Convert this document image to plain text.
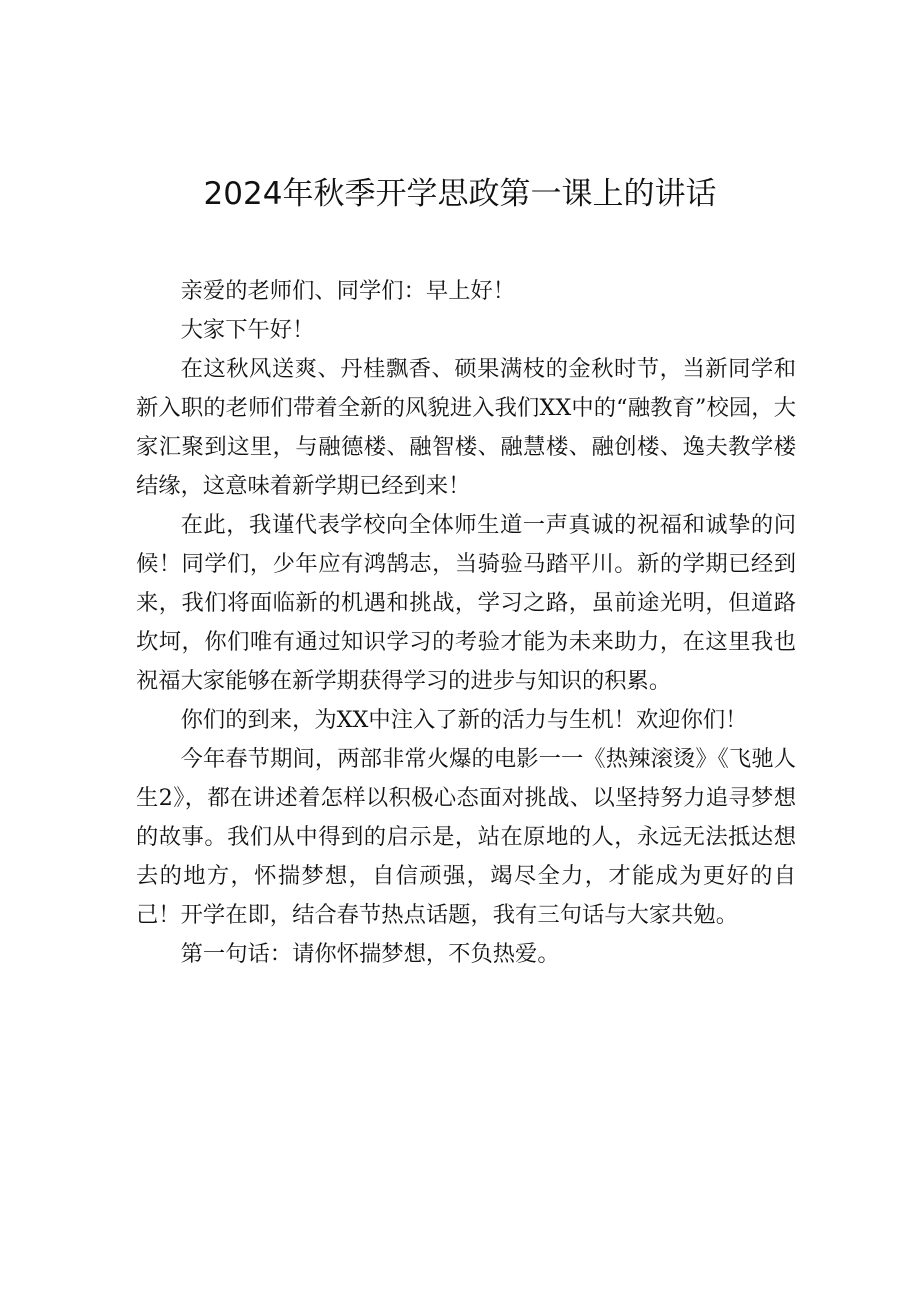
2024年秋季开学思政第一课上的讲话

亲爱的老师们、同学们：早上好！

大家下午好！

在这秋风送爽、丹桂飘香、硕果满枝的金秋时节，当新同学和新入职的老师们带着全新的风貌进入我们XX中的“融教育”校园，大家汇聚到这里，与融德楼、融智楼、融慧楼、融创楼、逸夫教学楼结缘，这意味着新学期已经到来！

在此，我谨代表学校向全体师生道一声真诚的祝福和诚挚的问候！同学们，少年应有鸿鹄志，当骑验马踏平川。新的学期已经到来，我们将面临新的机遇和挑战，学习之路，虽前途光明，但道路坎坷，你们唯有通过知识学习的考验才能为未来助力，在这里我也祝福大家能够在新学期获得学习的进步与知识的积累。

你们的到来，为XX中注入了新的活力与生机！欢迎你们！

今年春节期间，两部非常火爆的电影一一《热辣滚烫》《飞驰人生2》，都在讲述着怎样以积极心态面对挑战、以坚持努力追寻梦想的故事。我们从中得到的启示是，站在原地的人，永远无法抵达想去的地方，怀揣梦想，自信顽强，竭尽全力，才能成为更好的自己！开学在即，结合春节热点话题，我有三句话与大家共勉。

第一句话：请你怀揣梦想，不负热爱。
